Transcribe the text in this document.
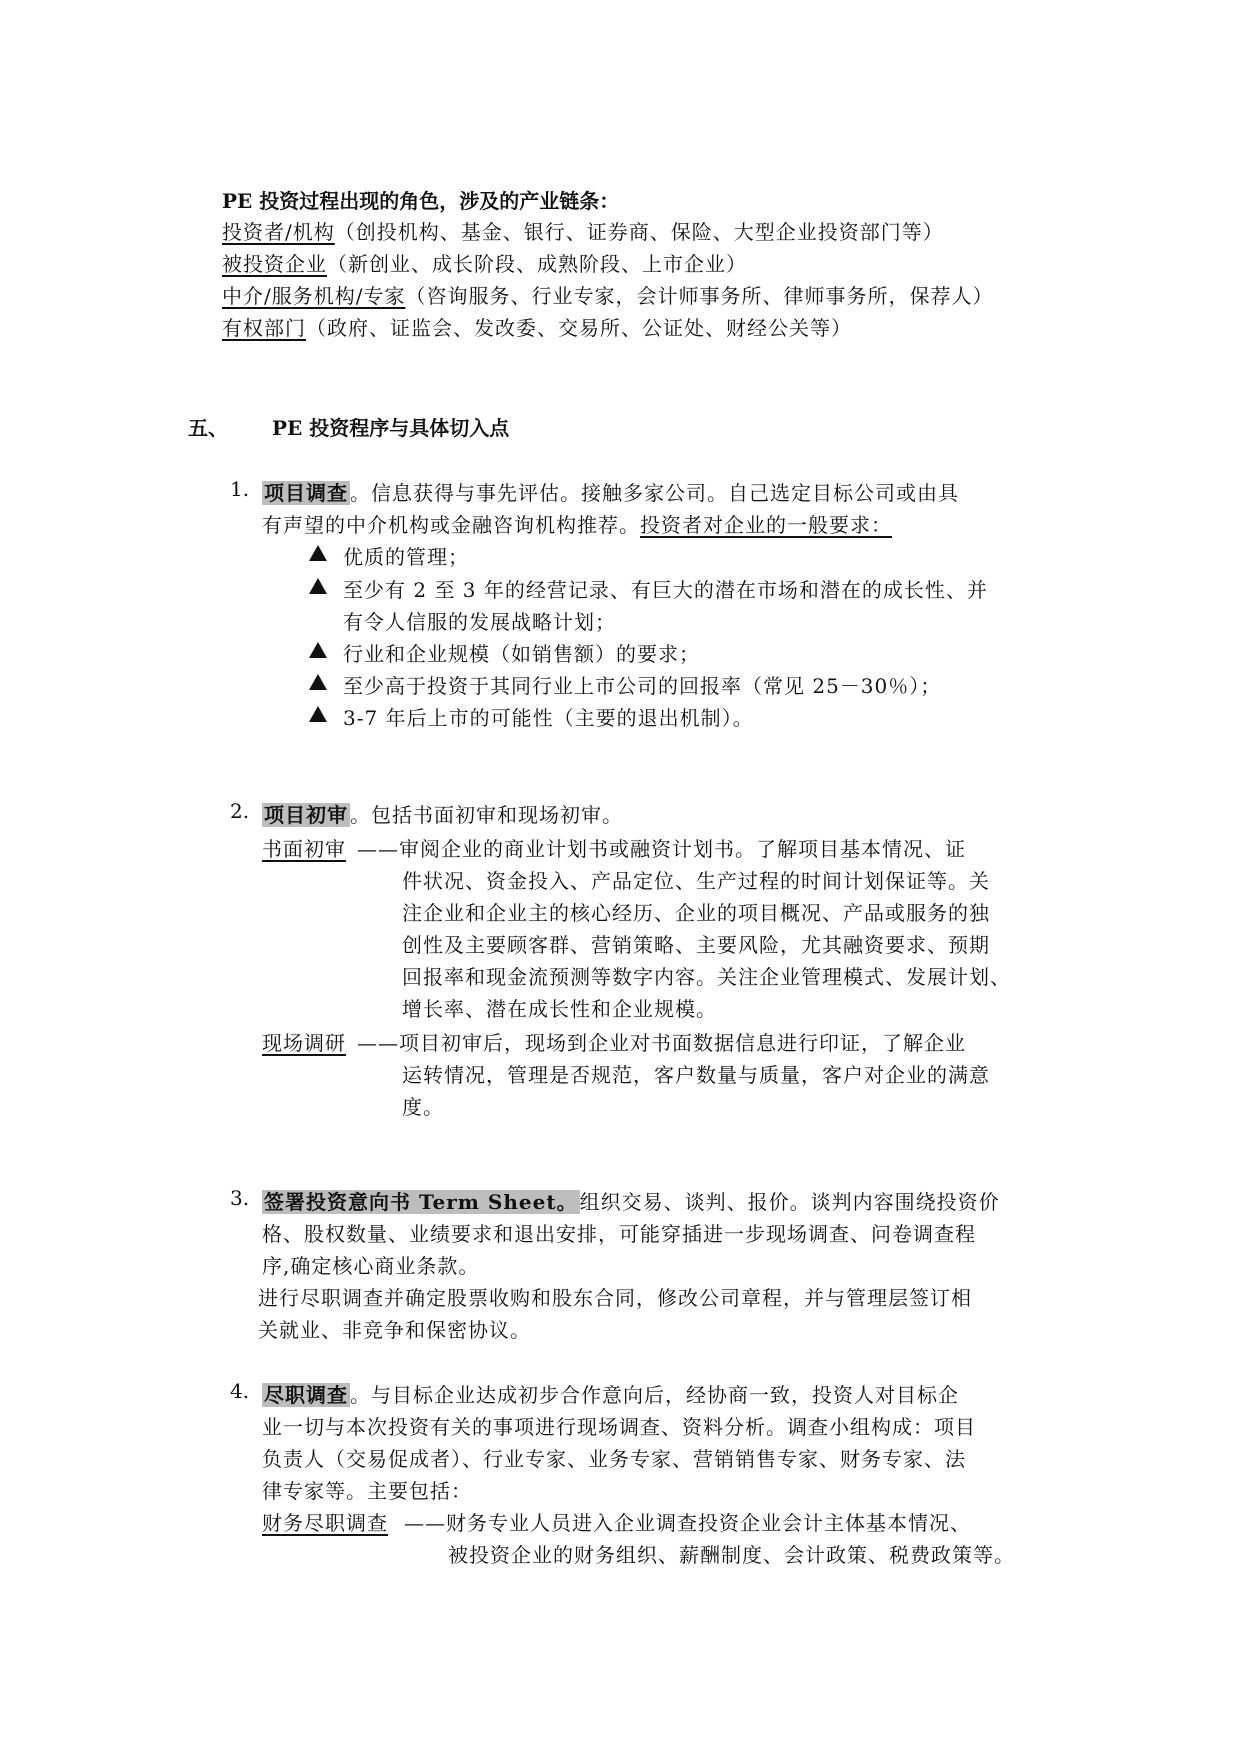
PE 投资过程出现的角色，涉及的产业链条：
投资者/机构（创投机构、基金、银行、证券商、保险、大型企业投资部门等）
被投资企业（新创业、成长阶段、成熟阶段、上市企业）
中介/服务机构/专家（咨询服务、行业专家，会计师事务所、律师事务所，保荐人）
有权部门（政府、证监会、发改委、交易所、公证处、财经公关等）
五、 PE 投资程序与具体切入点
1. 项目调查 。信息获得与事先评估。接触多家公司。自己选定目标公司或由具
有声望的中介机构或金融咨询机构推荐。投资者对企业的一般要求：
优质的管理；
至少有 2 至 3 年的经营记录、有巨大的潜在市场和潜在的成长性、并
有令人信服的发展战略计划；
行业和企业规模（如销售额）的要求；
至少高于投资于其同行业上市公司的回报率（常见 25－30％）；
3-7 年后上市的可能性（主要的退出机制）。
2. 项目初审 。包括书面初审和现场初审。
书面初审 ——审阅企业的商业计划书或融资计划书。了解项目基本情况、证
件状况、资金投入、产品定位、生产过程的时间计划保证等。关
注企业和企业主的核心经历、企业的项目概况、产品或服务的独
创性及主要顾客群、营销策略、主要风险，尤其融资要求、预期
回报率和现金流预测等数字内容。关注企业管理模式、发展计划、
增长率、潜在成长性和企业规模。
现场调研 ——项目初审后，现场到企业对书面数据信息进行印证，了解企业
运转情况，管理是否规范，客户数量与质量，客户对企业的满意
度。
3. 签署投资意向书 Term Sheet。 组织交易、谈判、报价。谈判内容围绕投资价
格、股权数量、业绩要求和退出安排，可能穿插进一步现场调查、问卷调查程
序,确定核心商业条款。
进行尽职调查并确定股票收购和股东合同，修改公司章程，并与管理层签订相
关就业、非竞争和保密协议。
4. 尽职调查 。与目标企业达成初步合作意向后，经协商一致，投资人对目标企
业一切与本次投资有关的事项进行现场调查、资料分析。调查小组构成：项目
负责人（交易促成者）、行业专家、业务专家、营销销售专家、财务专家、法
律专家等。主要包括：
财务尽职调查 ——财务专业人员进入企业调查投资企业会计主体基本情况、
被投资企业的财务组织、薪酬制度、会计政策、税费政策等。
